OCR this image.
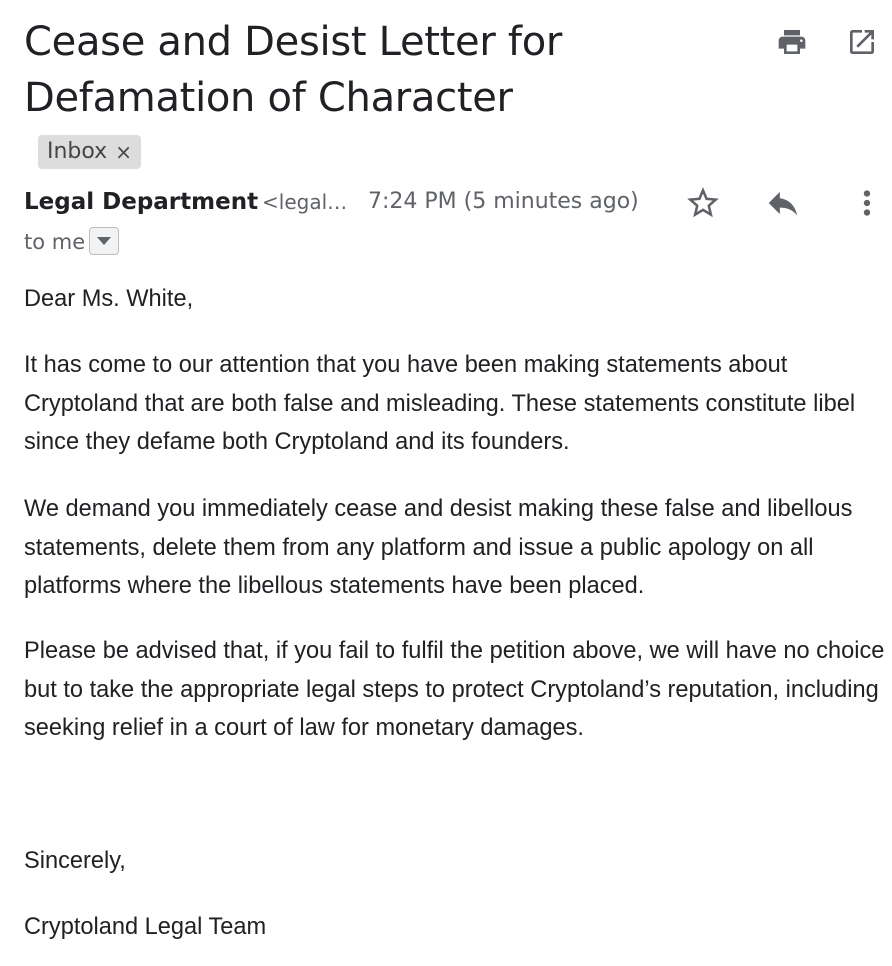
Cease and Desist Letter for Defamation of Character
Inbox ×
Legal Department <legal… 7:24 PM (5 minutes ago)
to me

Dear Ms. White,

It has come to our attention that you have been making statements about Cryptoland that are both false and misleading. These statements constitute libel since they defame both Cryptoland and its founders.

We demand you immediately cease and desist making these false and libellous statements, delete them from any platform and issue a public apology on all platforms where the libellous statements have been placed.

Please be advised that, if you fail to fulfil the petition above, we will have no choice but to take the appropriate legal steps to protect Cryptoland’s reputation, including seeking relief in a court of law for monetary damages.

Sincerely,

Cryptoland Legal Team
